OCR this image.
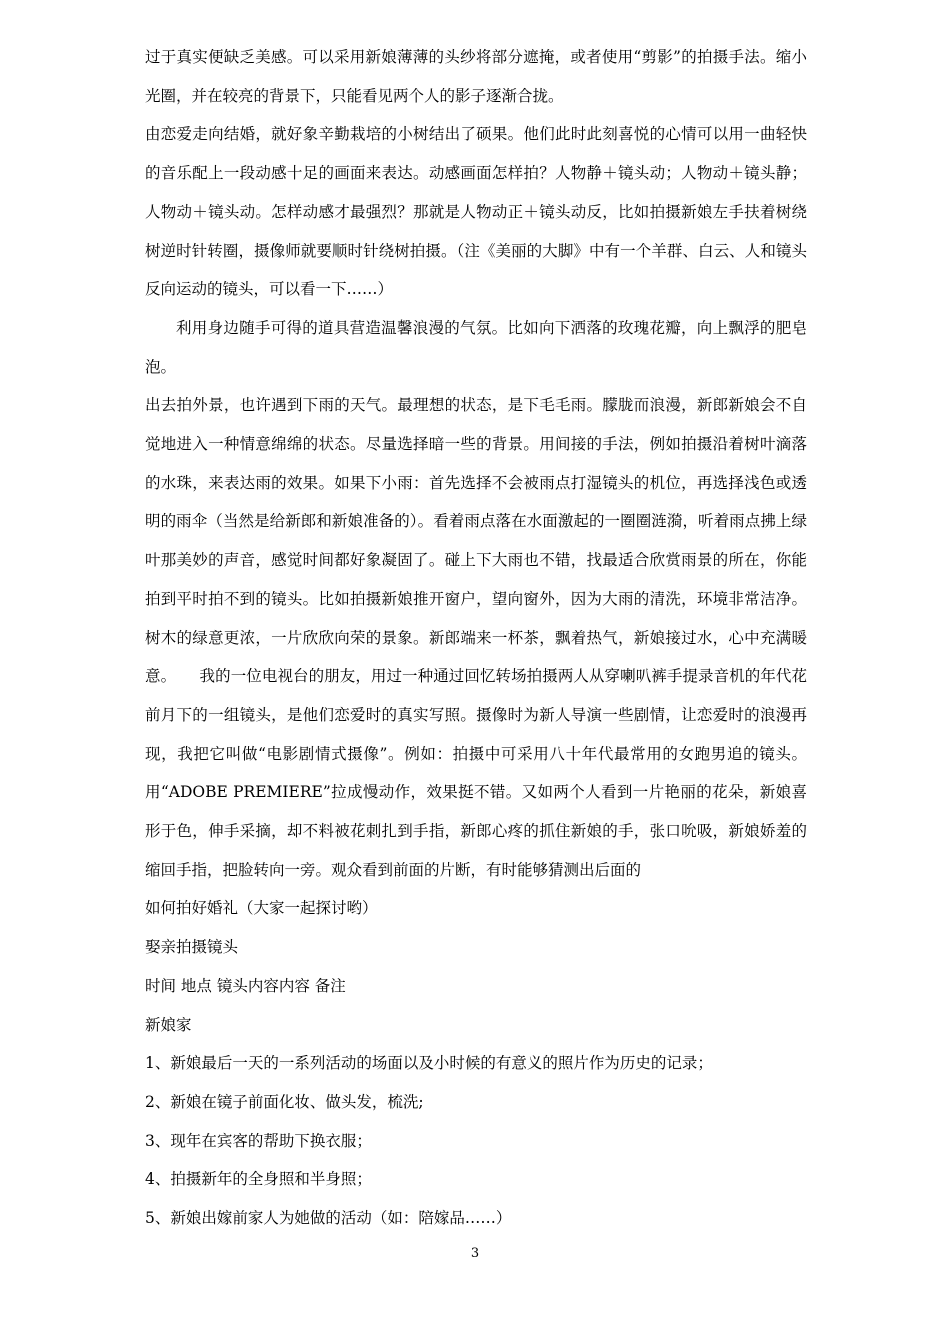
过于真实便缺乏美感。可以采用新娘薄薄的头纱将部分遮掩，或者使用“剪影”的拍摄手法。缩小光圈，并在较亮的背景下，只能看见两个人的影子逐渐合拢。

由恋爱走向结婚，就好象辛勤栽培的小树结出了硕果。他们此时此刻喜悦的心情可以用一曲轻快的音乐配上一段动感十足的画面来表达。动感画面怎样拍？人物静＋镜头动；人物动＋镜头静；人物动＋镜头动。怎样动感才最强烈？那就是人物动正＋镜头动反，比如拍摄新娘左手扶着树绕树逆时针转圈，摄像师就要顺时针绕树拍摄。（注《美丽的大脚》中有一个羊群、白云、人和镜头反向运动的镜头，可以看一下……）

利用身边随手可得的道具营造温馨浪漫的气氛。比如向下洒落的玫瑰花瓣，向上飘浮的肥皂泡。

出去拍外景，也许遇到下雨的天气。最理想的状态，是下毛毛雨。朦胧而浪漫，新郎新娘会不自觉地进入一种情意绵绵的状态。尽量选择暗一些的背景。用间接的手法，例如拍摄沿着树叶滴落的水珠，来表达雨的效果。如果下小雨：首先选择不会被雨点打湿镜头的机位，再选择浅色或透明的雨伞（当然是给新郎和新娘准备的）。看着雨点落在水面激起的一圈圈涟漪，听着雨点拂上绿叶那美妙的声音，感觉时间都好象凝固了。碰上下大雨也不错，找最适合欣赏雨景的所在，你能拍到平时拍不到的镜头。比如拍摄新娘推开窗户，望向窗外，因为大雨的清洗，环境非常洁净。树木的绿意更浓，一片欣欣向荣的景象。新郎端来一杯茶，飘着热气，新娘接过水，心中充满暖意。　　我的一位电视台的朋友，用过一种通过回忆转场拍摄两人从穿喇叭裤手提录音机的年代花前月下的一组镜头，是他们恋爱时的真实写照。摄像时为新人导演一些剧情，让恋爱时的浪漫再现，我把它叫做“电影剧情式摄像”。例如：拍摄中可采用八十年代最常用的女跑男追的镜头。用“ADOBE PREMIERE”拉成慢动作，效果挺不错。又如两个人看到一片艳丽的花朵，新娘喜形于色，伸手采摘，却不料被花刺扎到手指，新郎心疼的抓住新娘的手，张口吮吸，新娘娇羞的缩回手指，把脸转向一旁。观众看到前面的片断，有时能够猜测出后面的

如何拍好婚礼（大家一起探讨哟）

娶亲拍摄镜头

时间 地点 镜头内容内容 备注

新娘家

1、新娘最后一天的一系列活动的场面以及小时候的有意义的照片作为历史的记录；

2、新娘在镜子前面化妆、做头发，梳洗;

3、现年在宾客的帮助下换衣服；

4、拍摄新年的全身照和半身照；

5、新娘出嫁前家人为她做的活动（如：陪嫁品……）

3
